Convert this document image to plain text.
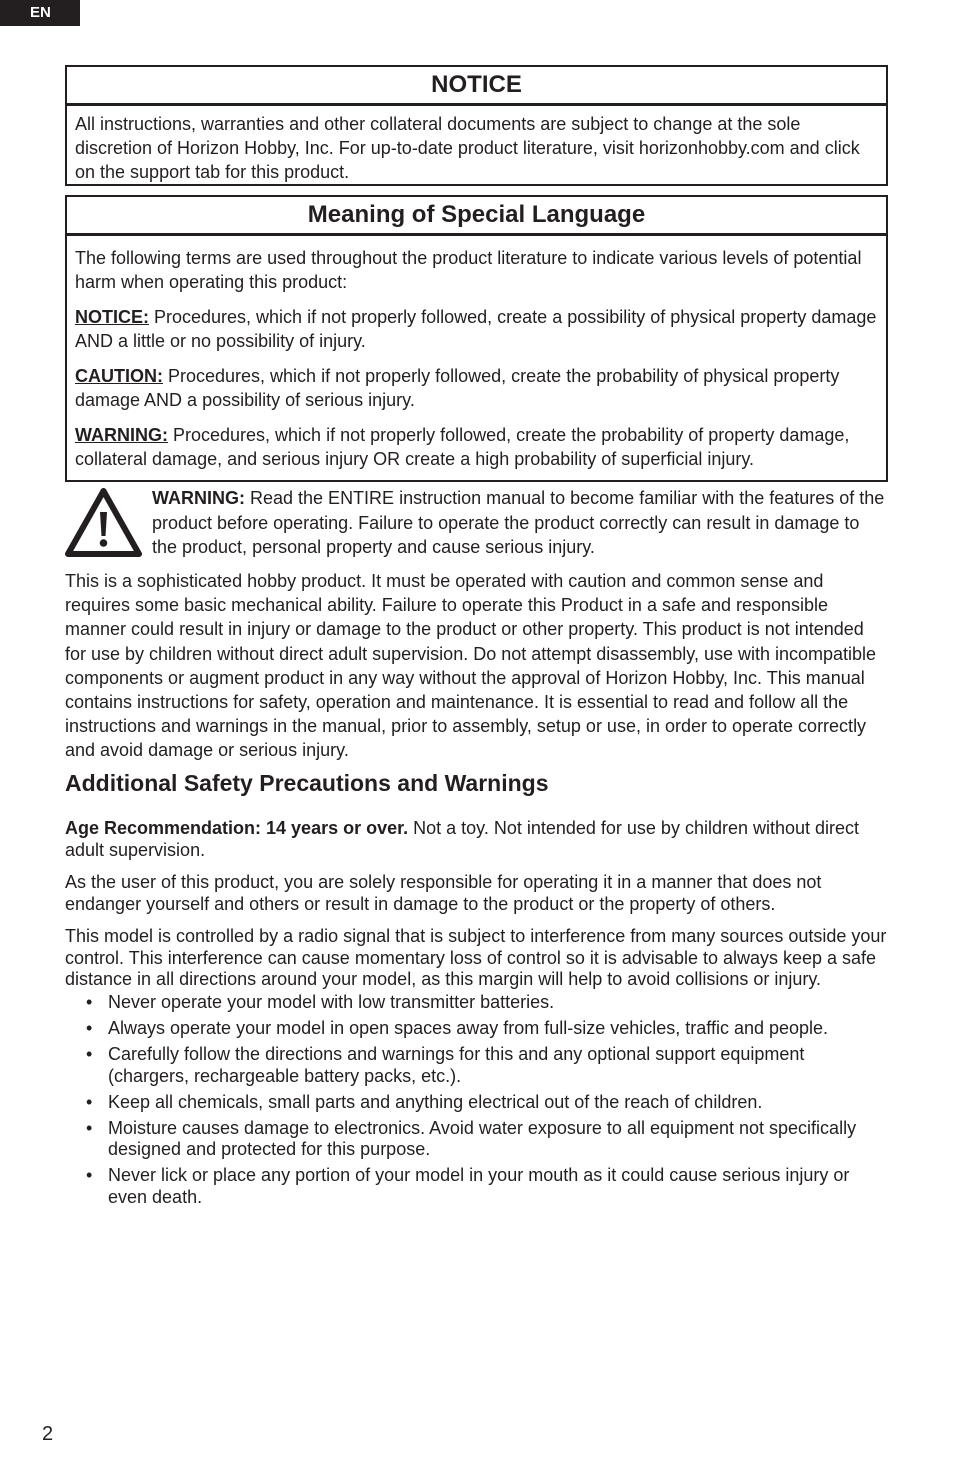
EN
NOTICE

All instructions, warranties and other collateral documents are subject to change at the sole discretion of Horizon Hobby, Inc. For up-to-date product literature, visit horizonhobby.com and click on the support tab for this product.

Meaning of Special Language

The following terms are used throughout the product literature to indicate various levels of potential harm when operating this product:

NOTICE: Procedures, which if not properly followed, create a possibility of physical property damage AND a little or no possibility of injury.

CAUTION: Procedures, which if not properly followed, create the probability of physical property damage AND a possibility of serious injury.

WARNING: Procedures, which if not properly followed, create the probability of property damage, collateral damage, and serious injury OR create a high probability of superficial injury.

WARNING: Read the ENTIRE instruction manual to become familiar with the features of the product before operating. Failure to operate the product correctly can result in damage to the product, personal property and cause serious injury.

This is a sophisticated hobby product. It must be operated with caution and common sense and requires some basic mechanical ability. Failure to operate this Product in a safe and responsible manner could result in injury or damage to the product or other property. This product is not intended for use by children without direct adult supervision. Do not attempt disassembly, use with incompatible components or augment product in any way without the approval of Horizon Hobby, Inc. This manual contains instructions for safety, operation and maintenance. It is essential to read and follow all the instructions and warnings in the manual, prior to assembly, setup or use, in order to operate correctly and avoid damage or serious injury.

Additional Safety Precautions and Warnings

Age Recommendation: 14 years or over. Not a toy. Not intended for use by children without direct adult supervision.

As the user of this product, you are solely responsible for operating it in a manner that does not endanger yourself and others or result in damage to the product or the property of others.

This model is controlled by a radio signal that is subject to interference from many sources outside your control. This interference can cause momentary loss of control so it is advisable to always keep a safe distance in all directions around your model, as this margin will help to avoid collisions or injury.

• Never operate your model with low transmitter batteries.
• Always operate your model in open spaces away from full-size vehicles, traffic and people.
• Carefully follow the directions and warnings for this and any optional support equipment (chargers, rechargeable battery packs, etc.).
• Keep all chemicals, small parts and anything electrical out of the reach of children.
• Moisture causes damage to electronics. Avoid water exposure to all equipment not specifically designed and protected for this purpose.
• Never lick or place any portion of your model in your mouth as it could cause serious injury or even death.
2
